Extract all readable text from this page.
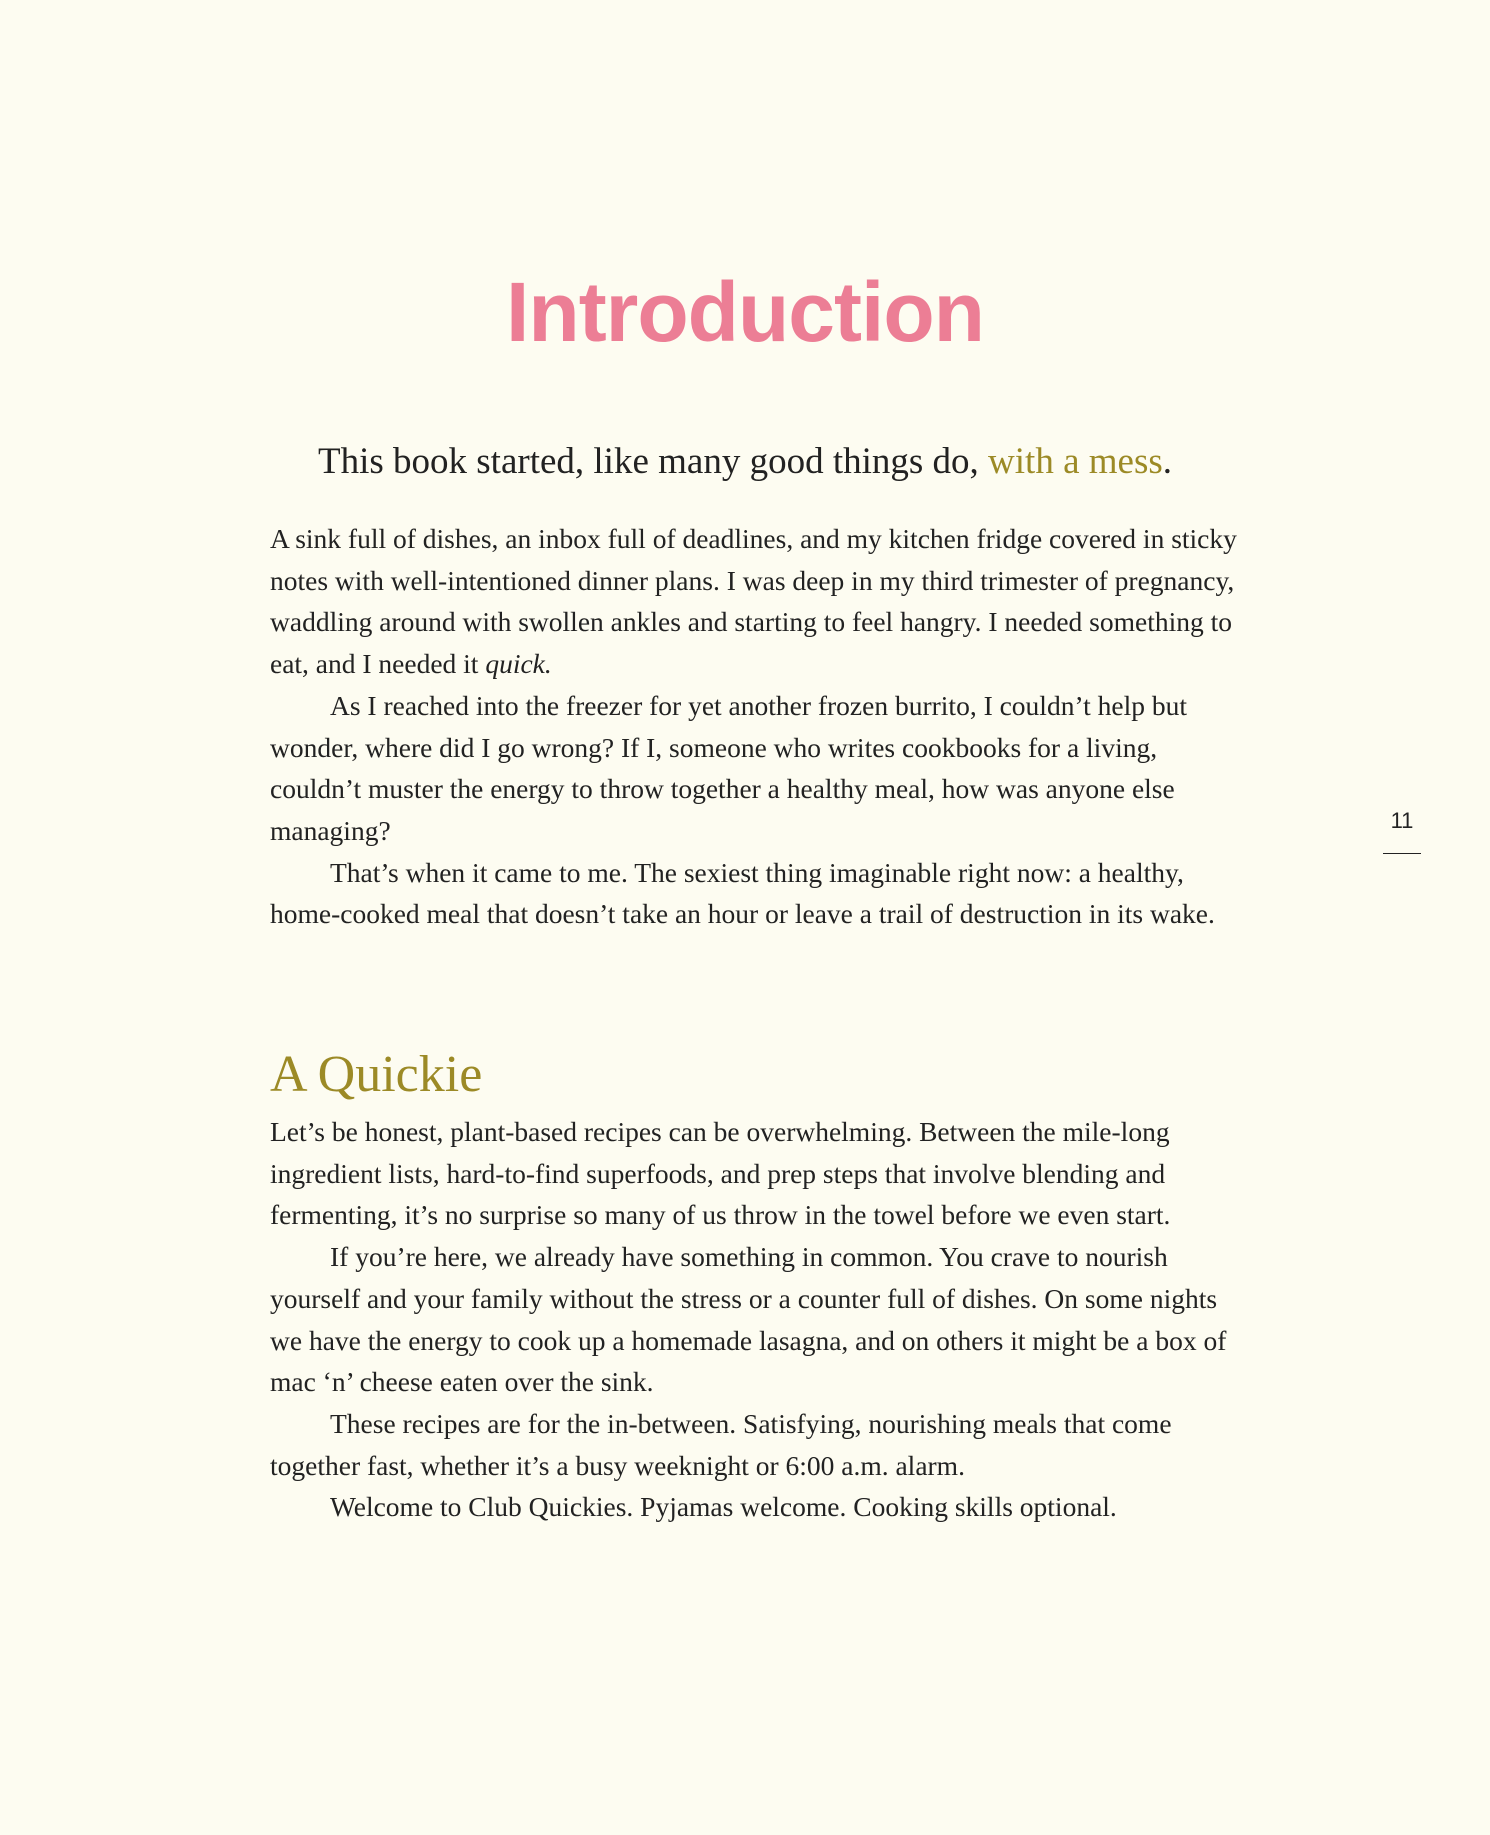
Introduction

This book started, like many good things do, with a mess.

A sink full of dishes, an inbox full of deadlines, and my kitchen fridge covered in sticky notes with well-intentioned dinner plans. I was deep in my third trimester of pregnancy, waddling around with swollen ankles and starting to feel hangry. I needed something to eat, and I needed it quick.

As I reached into the freezer for yet another frozen burrito, I couldn’t help but wonder, where did I go wrong? If I, someone who writes cookbooks for a living, couldn’t muster the energy to throw together a healthy meal, how was anyone else managing?

That’s when it came to me. The sexiest thing imaginable right now: a healthy, home-cooked meal that doesn’t take an hour or leave a trail of destruction in its wake.

A Quickie

Let’s be honest, plant-based recipes can be overwhelming. Between the mile-long ingredient lists, hard-to-find superfoods, and prep steps that involve blending and fermenting, it’s no surprise so many of us throw in the towel before we even start.

If you’re here, we already have something in common. You crave to nourish yourself and your family without the stress or a counter full of dishes. On some nights we have the energy to cook up a homemade lasagna, and on others it might be a box of mac ‘n’ cheese eaten over the sink.

These recipes are for the in-between. Satisfying, nourishing meals that come together fast, whether it’s a busy weeknight or 6:00 a.m. alarm.

Welcome to Club Quickies. Pyjamas welcome. Cooking skills optional.

11
